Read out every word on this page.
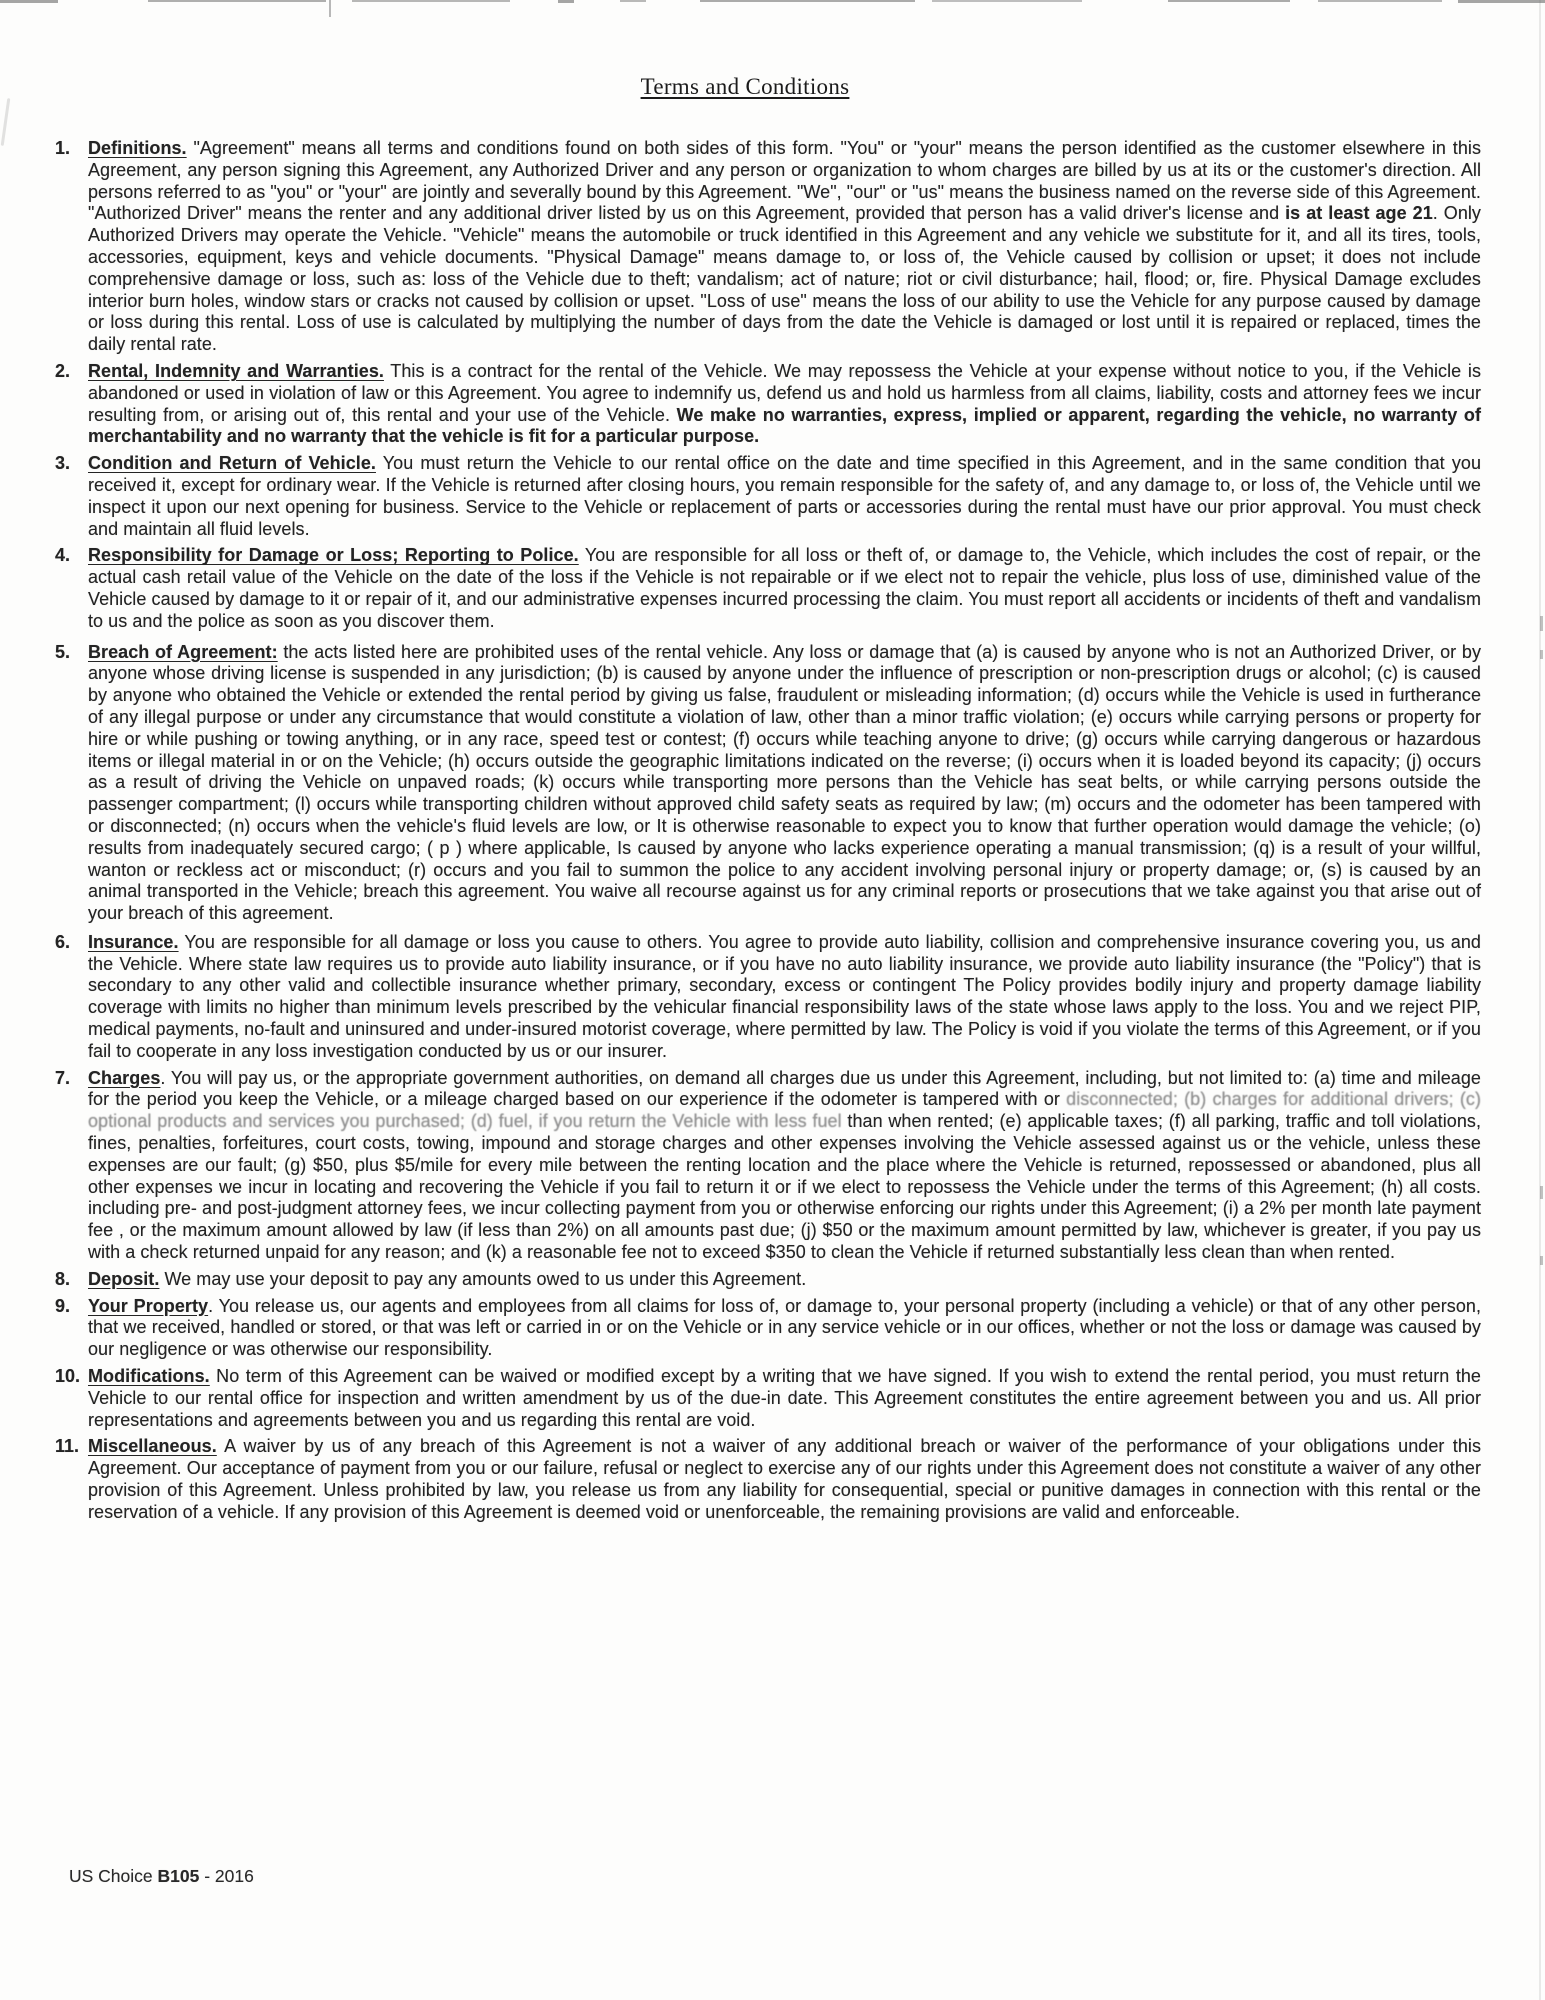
Terms and Conditions
1. Definitions. "Agreement" means all terms and conditions found on both sides of this form. "You" or "your" means the person identified as the customer elsewhere in this Agreement, any person signing this Agreement, any Authorized Driver and any person or organization to whom charges are billed by us at its or the customer's direction. All persons referred to as "you" or "your" are jointly and severally bound by this Agreement. "We", "our" or "us" means the business named on the reverse side of this Agreement. "Authorized Driver" means the renter and any additional driver listed by us on this Agreement, provided that person has a valid driver's license and is at least age 21. Only Authorized Drivers may operate the Vehicle. "Vehicle" means the automobile or truck identified in this Agreement and any vehicle we substitute for it, and all its tires, tools, accessories, equipment, keys and vehicle documents. "Physical Damage" means damage to, or loss of, the Vehicle caused by collision or upset; it does not include comprehensive damage or loss, such as: loss of the Vehicle due to theft; vandalism; act of nature; riot or civil disturbance; hail, flood; or, fire. Physical Damage excludes interior burn holes, window stars or cracks not caused by collision or upset. "Loss of use" means the loss of our ability to use the Vehicle for any purpose caused by damage or loss during this rental. Loss of use is calculated by multiplying the number of days from the date the Vehicle is damaged or lost until it is repaired or replaced, times the daily rental rate.
2. Rental, Indemnity and Warranties. This is a contract for the rental of the Vehicle. We may repossess the Vehicle at your expense without notice to you, if the Vehicle is abandoned or used in violation of law or this Agreement. You agree to indemnify us, defend us and hold us harmless from all claims, liability, costs and attorney fees we incur resulting from, or arising out of, this rental and your use of the Vehicle. We make no warranties, express, implied or apparent, regarding the vehicle, no warranty of merchantability and no warranty that the vehicle is fit for a particular purpose.
3. Condition and Return of Vehicle. You must return the Vehicle to our rental office on the date and time specified in this Agreement, and in the same condition that you received it, except for ordinary wear. If the Vehicle is returned after closing hours, you remain responsible for the safety of, and any damage to, or loss of, the Vehicle until we inspect it upon our next opening for business. Service to the Vehicle or replacement of parts or accessories during the rental must have our prior approval. You must check and maintain all fluid levels.
4. Responsibility for Damage or Loss; Reporting to Police. You are responsible for all loss or theft of, or damage to, the Vehicle, which includes the cost of repair, or the actual cash retail value of the Vehicle on the date of the loss if the Vehicle is not repairable or if we elect not to repair the vehicle, plus loss of use, diminished value of the Vehicle caused by damage to it or repair of it, and our administrative expenses incurred processing the claim. You must report all accidents or incidents of theft and vandalism to us and the police as soon as you discover them.
5. Breach of Agreement: the acts listed here are prohibited uses of the rental vehicle. Any loss or damage that (a) is caused by anyone who is not an Authorized Driver, or by anyone whose driving license is suspended in any jurisdiction; (b) is caused by anyone under the influence of prescription or non-prescription drugs or alcohol; (c) is caused by anyone who obtained the Vehicle or extended the rental period by giving us false, fraudulent or misleading information; (d) occurs while the Vehicle is used in furtherance of any illegal purpose or under any circumstance that would constitute a violation of law, other than a minor traffic violation; (e) occurs while carrying persons or property for hire or while pushing or towing anything, or in any race, speed test or contest; (f) occurs while teaching anyone to drive; (g) occurs while carrying dangerous or hazardous items or illegal material in or on the Vehicle; (h) occurs outside the geographic limitations indicated on the reverse; (i) occurs when it is loaded beyond its capacity; (j) occurs as a result of driving the Vehicle on unpaved roads; (k) occurs while transporting more persons than the Vehicle has seat belts, or while carrying persons outside the passenger compartment; (l) occurs while transporting children without approved child safety seats as required by law; (m) occurs and the odometer has been tampered with or disconnected; (n) occurs when the vehicle's fluid levels are low, or It is otherwise reasonable to expect you to know that further operation would damage the vehicle; (o) results from inadequately secured cargo; ( p ) where applicable, Is caused by anyone who lacks experience operating a manual transmission; (q) is a result of your willful, wanton or reckless act or misconduct; (r) occurs and you fail to summon the police to any accident involving personal injury or property damage; or, (s) is caused by an animal transported in the Vehicle; breach this agreement. You waive all recourse against us for any criminal reports or prosecutions that we take against you that arise out of your breach of this agreement.
6. Insurance. You are responsible for all damage or loss you cause to others. You agree to provide auto liability, collision and comprehensive insurance covering you, us and the Vehicle. Where state law requires us to provide auto liability insurance, or if you have no auto liability insurance, we provide auto liability insurance (the "Policy") that is secondary to any other valid and collectible insurance whether primary, secondary, excess or contingent The Policy provides bodily injury and property damage liability coverage with limits no higher than minimum levels prescribed by the vehicular financial responsibility laws of the state whose laws apply to the loss. You and we reject PIP, medical payments, no-fault and uninsured and under-insured motorist coverage, where permitted by law. The Policy is void if you violate the terms of this Agreement, or if you fail to cooperate in any loss investigation conducted by us or our insurer.
7. Charges. You will pay us, or the appropriate government authorities, on demand all charges due us under this Agreement, including, but not limited to: (a) time and mileage for the period you keep the Vehicle, or a mileage charged based on our experience if the odometer is tampered with or disconnected; (b) charges for additional drivers; (c) optional products and services you purchased; (d) fuel, if you return the Vehicle with less fuel than when rented; (e) applicable taxes; (f) all parking, traffic and toll violations, fines, penalties, forfeitures, court costs, towing, impound and storage charges and other expenses involving the Vehicle assessed against us or the vehicle, unless these expenses are our fault; (g) $50, plus $5/mile for every mile between the renting location and the place where the Vehicle is returned, repossessed or abandoned, plus all other expenses we incur in locating and recovering the Vehicle if you fail to return it or if we elect to repossess the Vehicle under the terms of this Agreement; (h) all costs. including pre- and post-judgment attorney fees, we incur collecting payment from you or otherwise enforcing our rights under this Agreement; (i) a 2% per month late payment fee , or the maximum amount allowed by law (if less than 2%) on all amounts past due; (j) $50 or the maximum amount permitted by law, whichever is greater, if you pay us with a check returned unpaid for any reason; and (k) a reasonable fee not to exceed $350 to clean the Vehicle if returned substantially less clean than when rented.
8. Deposit. We may use your deposit to pay any amounts owed to us under this Agreement.
9. Your Property. You release us, our agents and employees from all claims for loss of, or damage to, your personal property (including a vehicle) or that of any other person, that we received, handled or stored, or that was left or carried in or on the Vehicle or in any service vehicle or in our offices, whether or not the loss or damage was caused by our negligence or was otherwise our responsibility.
10. Modifications. No term of this Agreement can be waived or modified except by a writing that we have signed. If you wish to extend the rental period, you must return the Vehicle to our rental office for inspection and written amendment by us of the due-in date. This Agreement constitutes the entire agreement between you and us. All prior representations and agreements between you and us regarding this rental are void.
11. Miscellaneous. A waiver by us of any breach of this Agreement is not a waiver of any additional breach or waiver of the performance of your obligations under this Agreement. Our acceptance of payment from you or our failure, refusal or neglect to exercise any of our rights under this Agreement does not constitute a waiver of any other provision of this Agreement. Unless prohibited by law, you release us from any liability for consequential, special or punitive damages in connection with this rental or the reservation of a vehicle. If any provision of this Agreement is deemed void or unenforceable, the remaining provisions are valid and enforceable.
US Choice B105 - 2016
